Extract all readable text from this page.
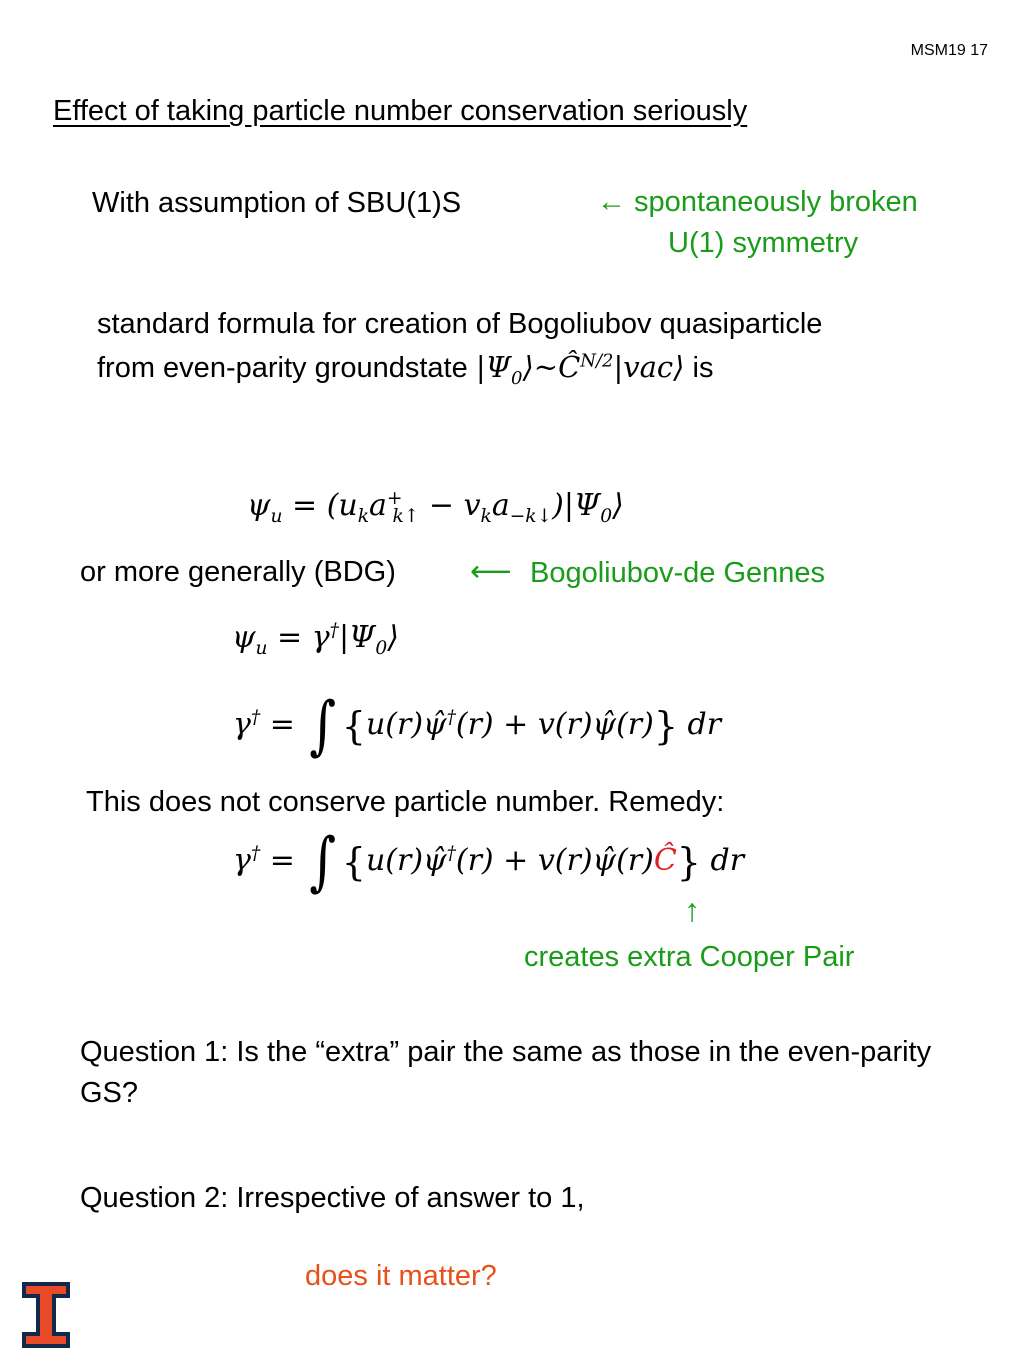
MSM19 17
Effect of taking particle number conservation seriously
With assumption of SBU(1)S	← spontaneously broken
U(1) symmetry
standard formula for creation of Bogoliubov quasiparticle
from even-parity groundstate $|\Psi_0⟩\sim Ĉ^{N/2}|vac⟩$ is
$\psi_u = (u_ka^+_{k↑}$ − $v_ka_{-k↓})|\Psi_0⟩$
or more generally (BDG)	⟵ Bogoliubov-de Gennes
$\psi_u$ = $\gamma^\dagger|\Psi_0⟩$
γ† = ∫ {u(r)ψ̂†(r) + v(r)ψ̂(r)} dr
This does not conserve particle number. Remedy:
γ† = ∫ {u(r)ψ̂†(r) + v(r)ψ̂(r)Ĉ} dr
↑
creates extra Cooper Pair
Question 1: Is the “extra” pair the same as those in the even-parity
GS?
Question 2: Irrespective of answer to 1,
does it matter?
